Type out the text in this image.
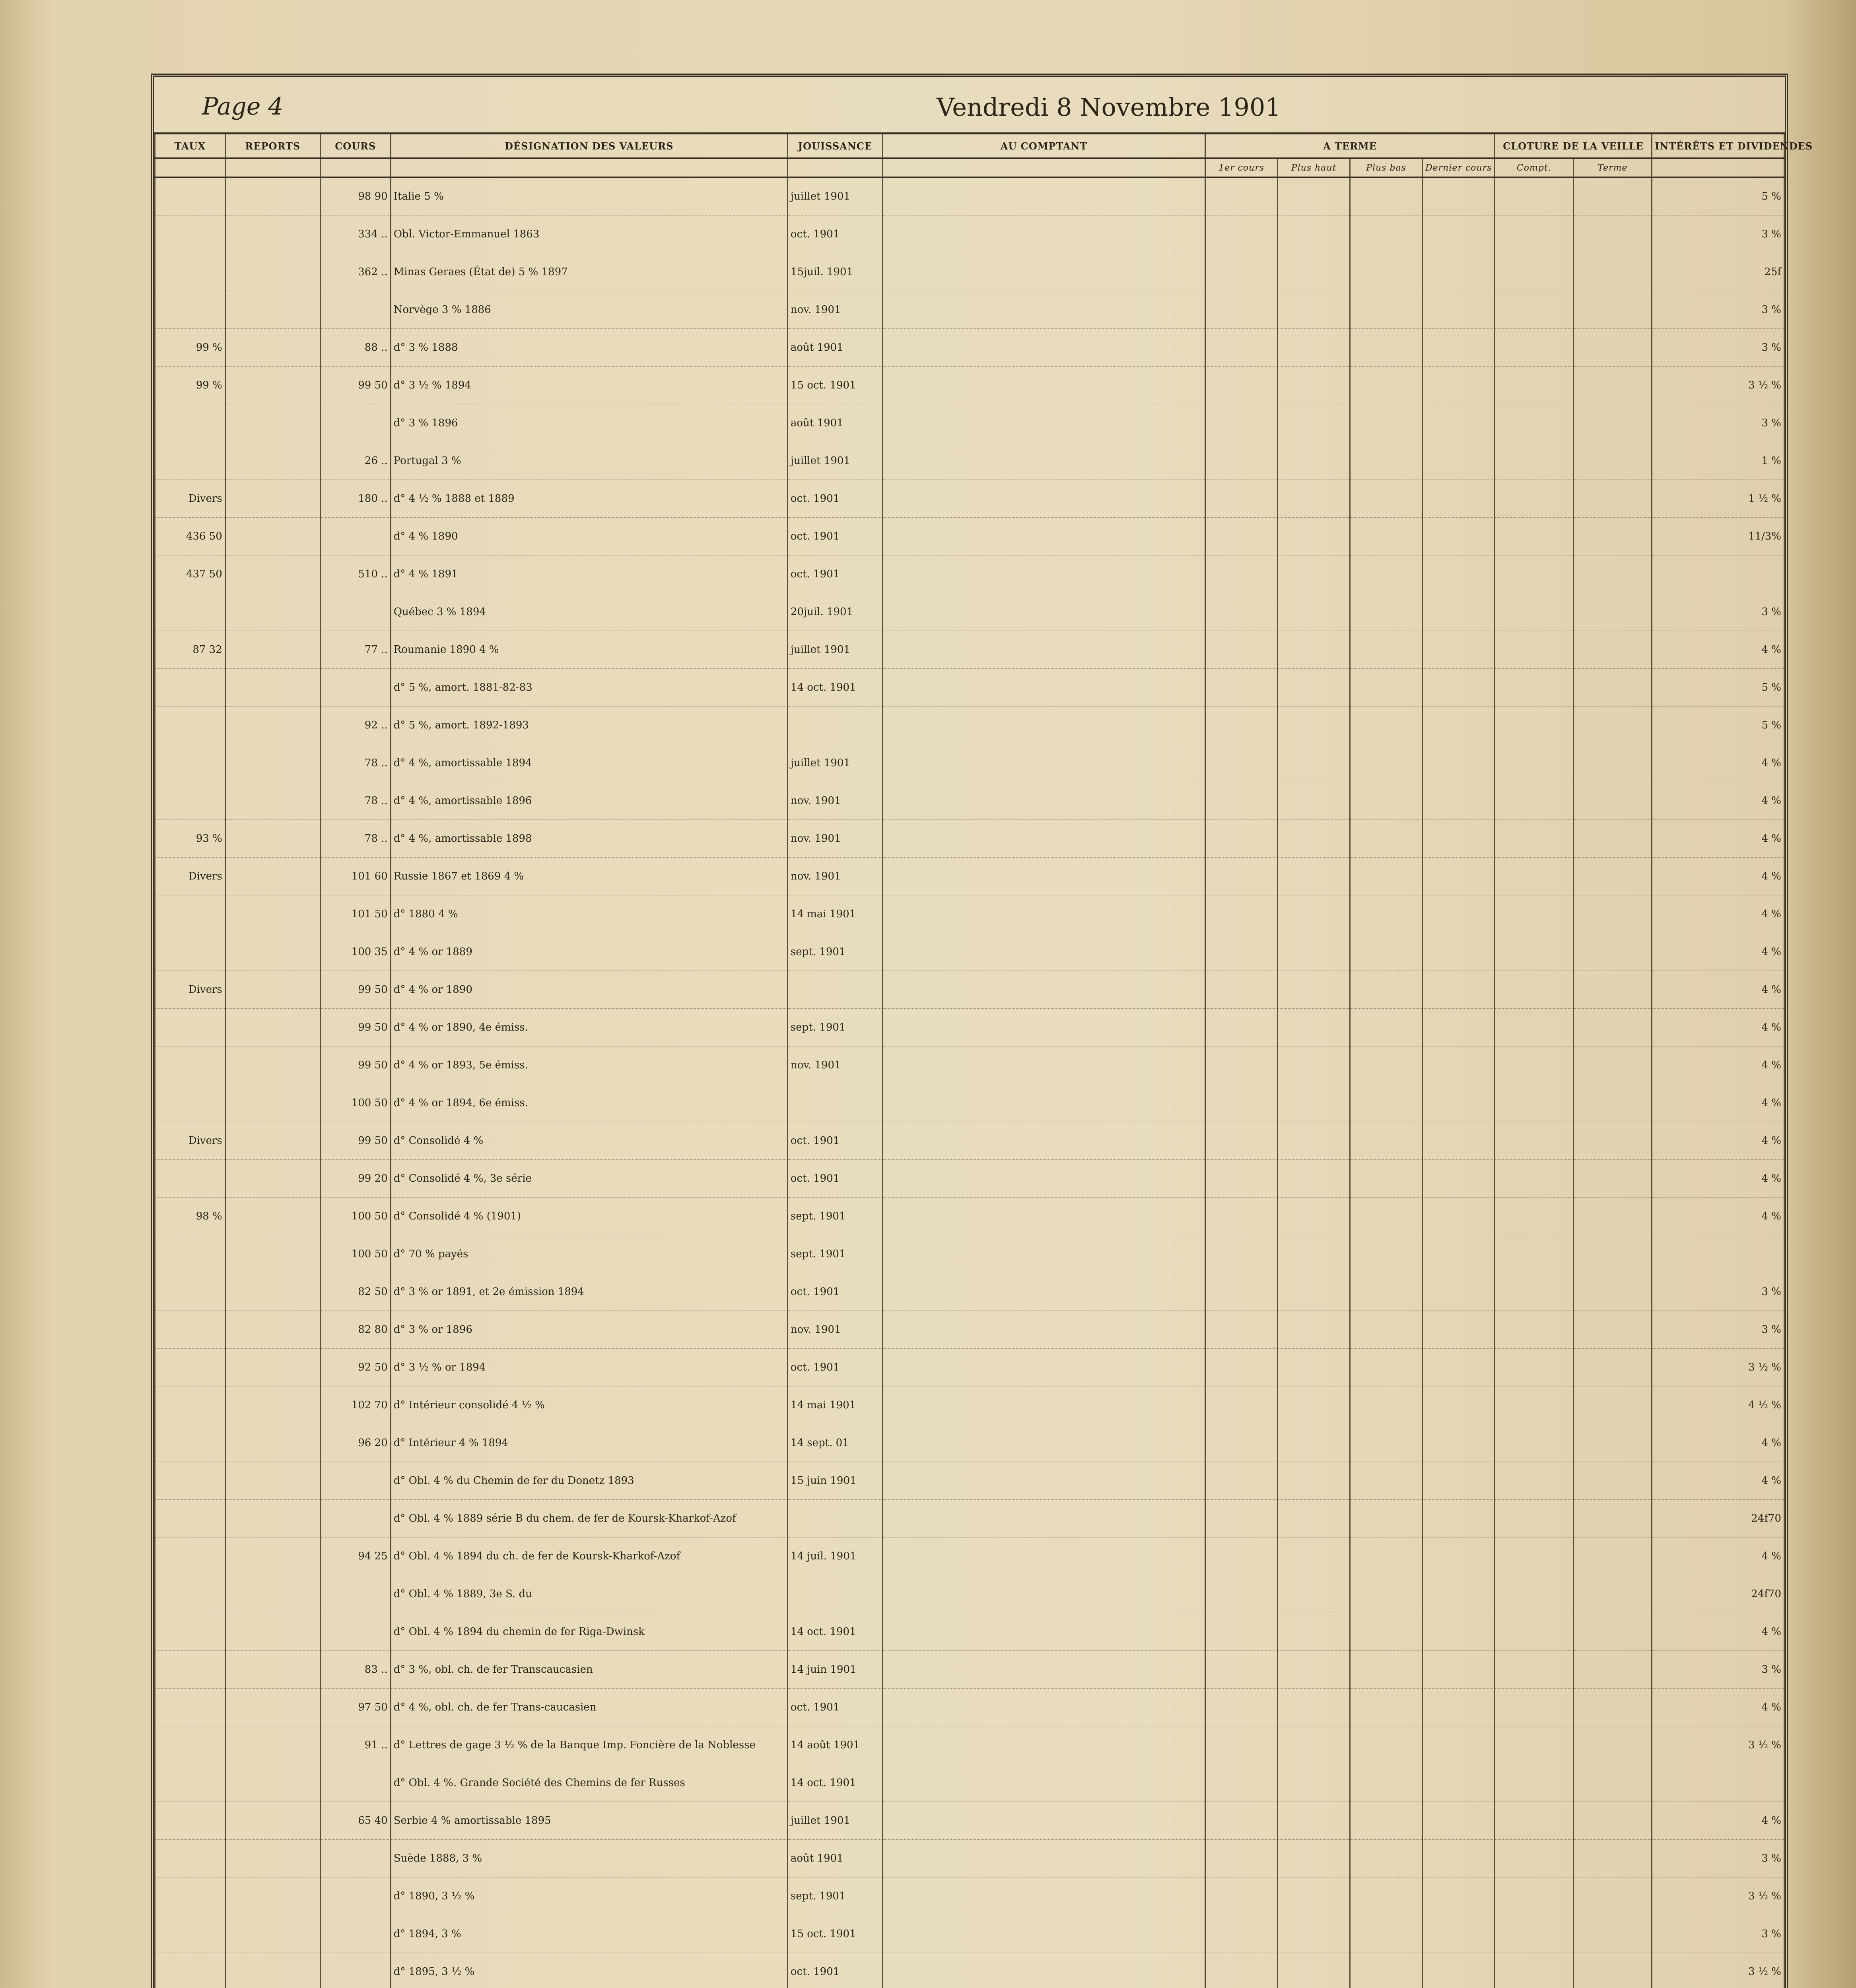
Page 4	Vendredi 8 Novembre 1901
TAUX	REPORTS	COURS	DÉSIGNATION DES VALEURS	JOUISSANCE	AU COMPTANT	A TERME				CLOTURE DE LA VEILLE		INTÉRÊTS ET DIVIDENDES
						1er cours	Plus haut	Plus bas	Dernier cours	Compt.	Terme	
		98 90	Italie 5 %	juillet 1901								5 %
		334 ..	Obl. Victor-Emmanuel 1863	oct. 1901								3 %
		362 ..	Minas Geraes (État de) 5 % 1897	15juil. 1901								25f
			Norvège 3 % 1886	nov. 1901								3 %
99 %		88 ..	d° 3 % 1888	août 1901								3 %
99 %		99 50	d° 3 ½ % 1894	15 oct. 1901								3 ½ %
			d° 3 % 1896	août 1901								3 %
		26 ..	Portugal 3 %	juillet 1901								1 %
Divers		180 ..	d° 4 ½ % 1888 et 1889	oct. 1901								1 ½ %
436 50			d° 4 % 1890	oct. 1901								11/3%
437 50		510 ..	d° 4 % 1891	oct. 1901								
			Québec 3 % 1894	20juil. 1901								3 %
87 32		77 ..	Roumanie 1890 4 %	juillet 1901								4 %
			d° 5 %, amort. 1881-82-83	14 oct. 1901								5 %
		92 ..	d° 5 %, amort. 1892-1893									5 %
		78 ..	d° 4 %, amortissable 1894	juillet 1901								4 %
		78 ..	d° 4 %, amortissable 1896	nov. 1901								4 %
93 %		78 ..	d° 4 %, amortissable 1898	nov. 1901								4 %
Divers		101 60	Russie 1867 et 1869 4 %	nov. 1901								4 %
		101 50	d° 1880 4 %	14 mai 1901								4 %
		100 35	d° 4 % or 1889	sept. 1901								4 %
Divers		99 50	d° 4 % or 1890									4 %
		99 50	d° 4 % or 1890, 4e émiss.	sept. 1901								4 %
		99 50	d° 4 % or 1893, 5e émiss.	nov. 1901								4 %
		100 50	d° 4 % or 1894, 6e émiss.									4 %
Divers		99 50	d° Consolidé 4 %	oct. 1901								4 %
		99 20	d° Consolidé 4 %, 3e série	oct. 1901								4 %
98 %		100 50	d° Consolidé 4 % (1901)	sept. 1901								4 %
		100 50	d° 70 % payés	sept. 1901								
		82 50	d° 3 % or 1891, et 2e émission 1894	oct. 1901								3 %
		82 80	d° 3 % or 1896	nov. 1901								3 %
		92 50	d° 3 ½ % or 1894	oct. 1901								3 ½ %
		102 70	d° Intérieur consolidé 4 ½ %	14 mai 1901								4 ½ %
		96 20	d° Intérieur 4 % 1894	14 sept. 01								4 %
			d° Obl. 4 % du Chemin de fer du Donetz 1893	15 juin 1901								4 %
			d° Obl. 4 % 1889 série B du chem. de fer de Koursk-Kharkof-Azof									24f70
		94 25	d° Obl. 4 % 1894 du ch. de fer de Koursk-Kharkof-Azof	14 juil. 1901								4 %
			d° Obl. 4 % 1889, 3e S. du									24f70
			d° Obl. 4 % 1894 du chemin de fer Riga-Dwinsk	14 oct. 1901								4 %
		83 ..	d° 3 %, obl. ch. de fer Transcaucasien	14 juin 1901								3 %
		97 50	d° 4 %, obl. ch. de fer Trans-caucasien	oct. 1901								4 %
		91 ..	d° Lettres de gage 3 ½ % de la Banque Imp. Foncière de la Noblesse	14 août 1901								3 ½ %
			d° Obl. 4 %. Grande Société des Chemins de fer Russes	14 oct. 1901								
		65 40	Serbie 4 % amortissable 1895	juillet 1901								4 %
			Suède 1888, 3 %	août 1901								3 %
			d° 1890, 3 ½ %	sept. 1901								3 ½ %
			d° 1894, 3 %	15 oct. 1901								3 %
			d° 1895, 3 ½ %	oct. 1901								3 ½ %
